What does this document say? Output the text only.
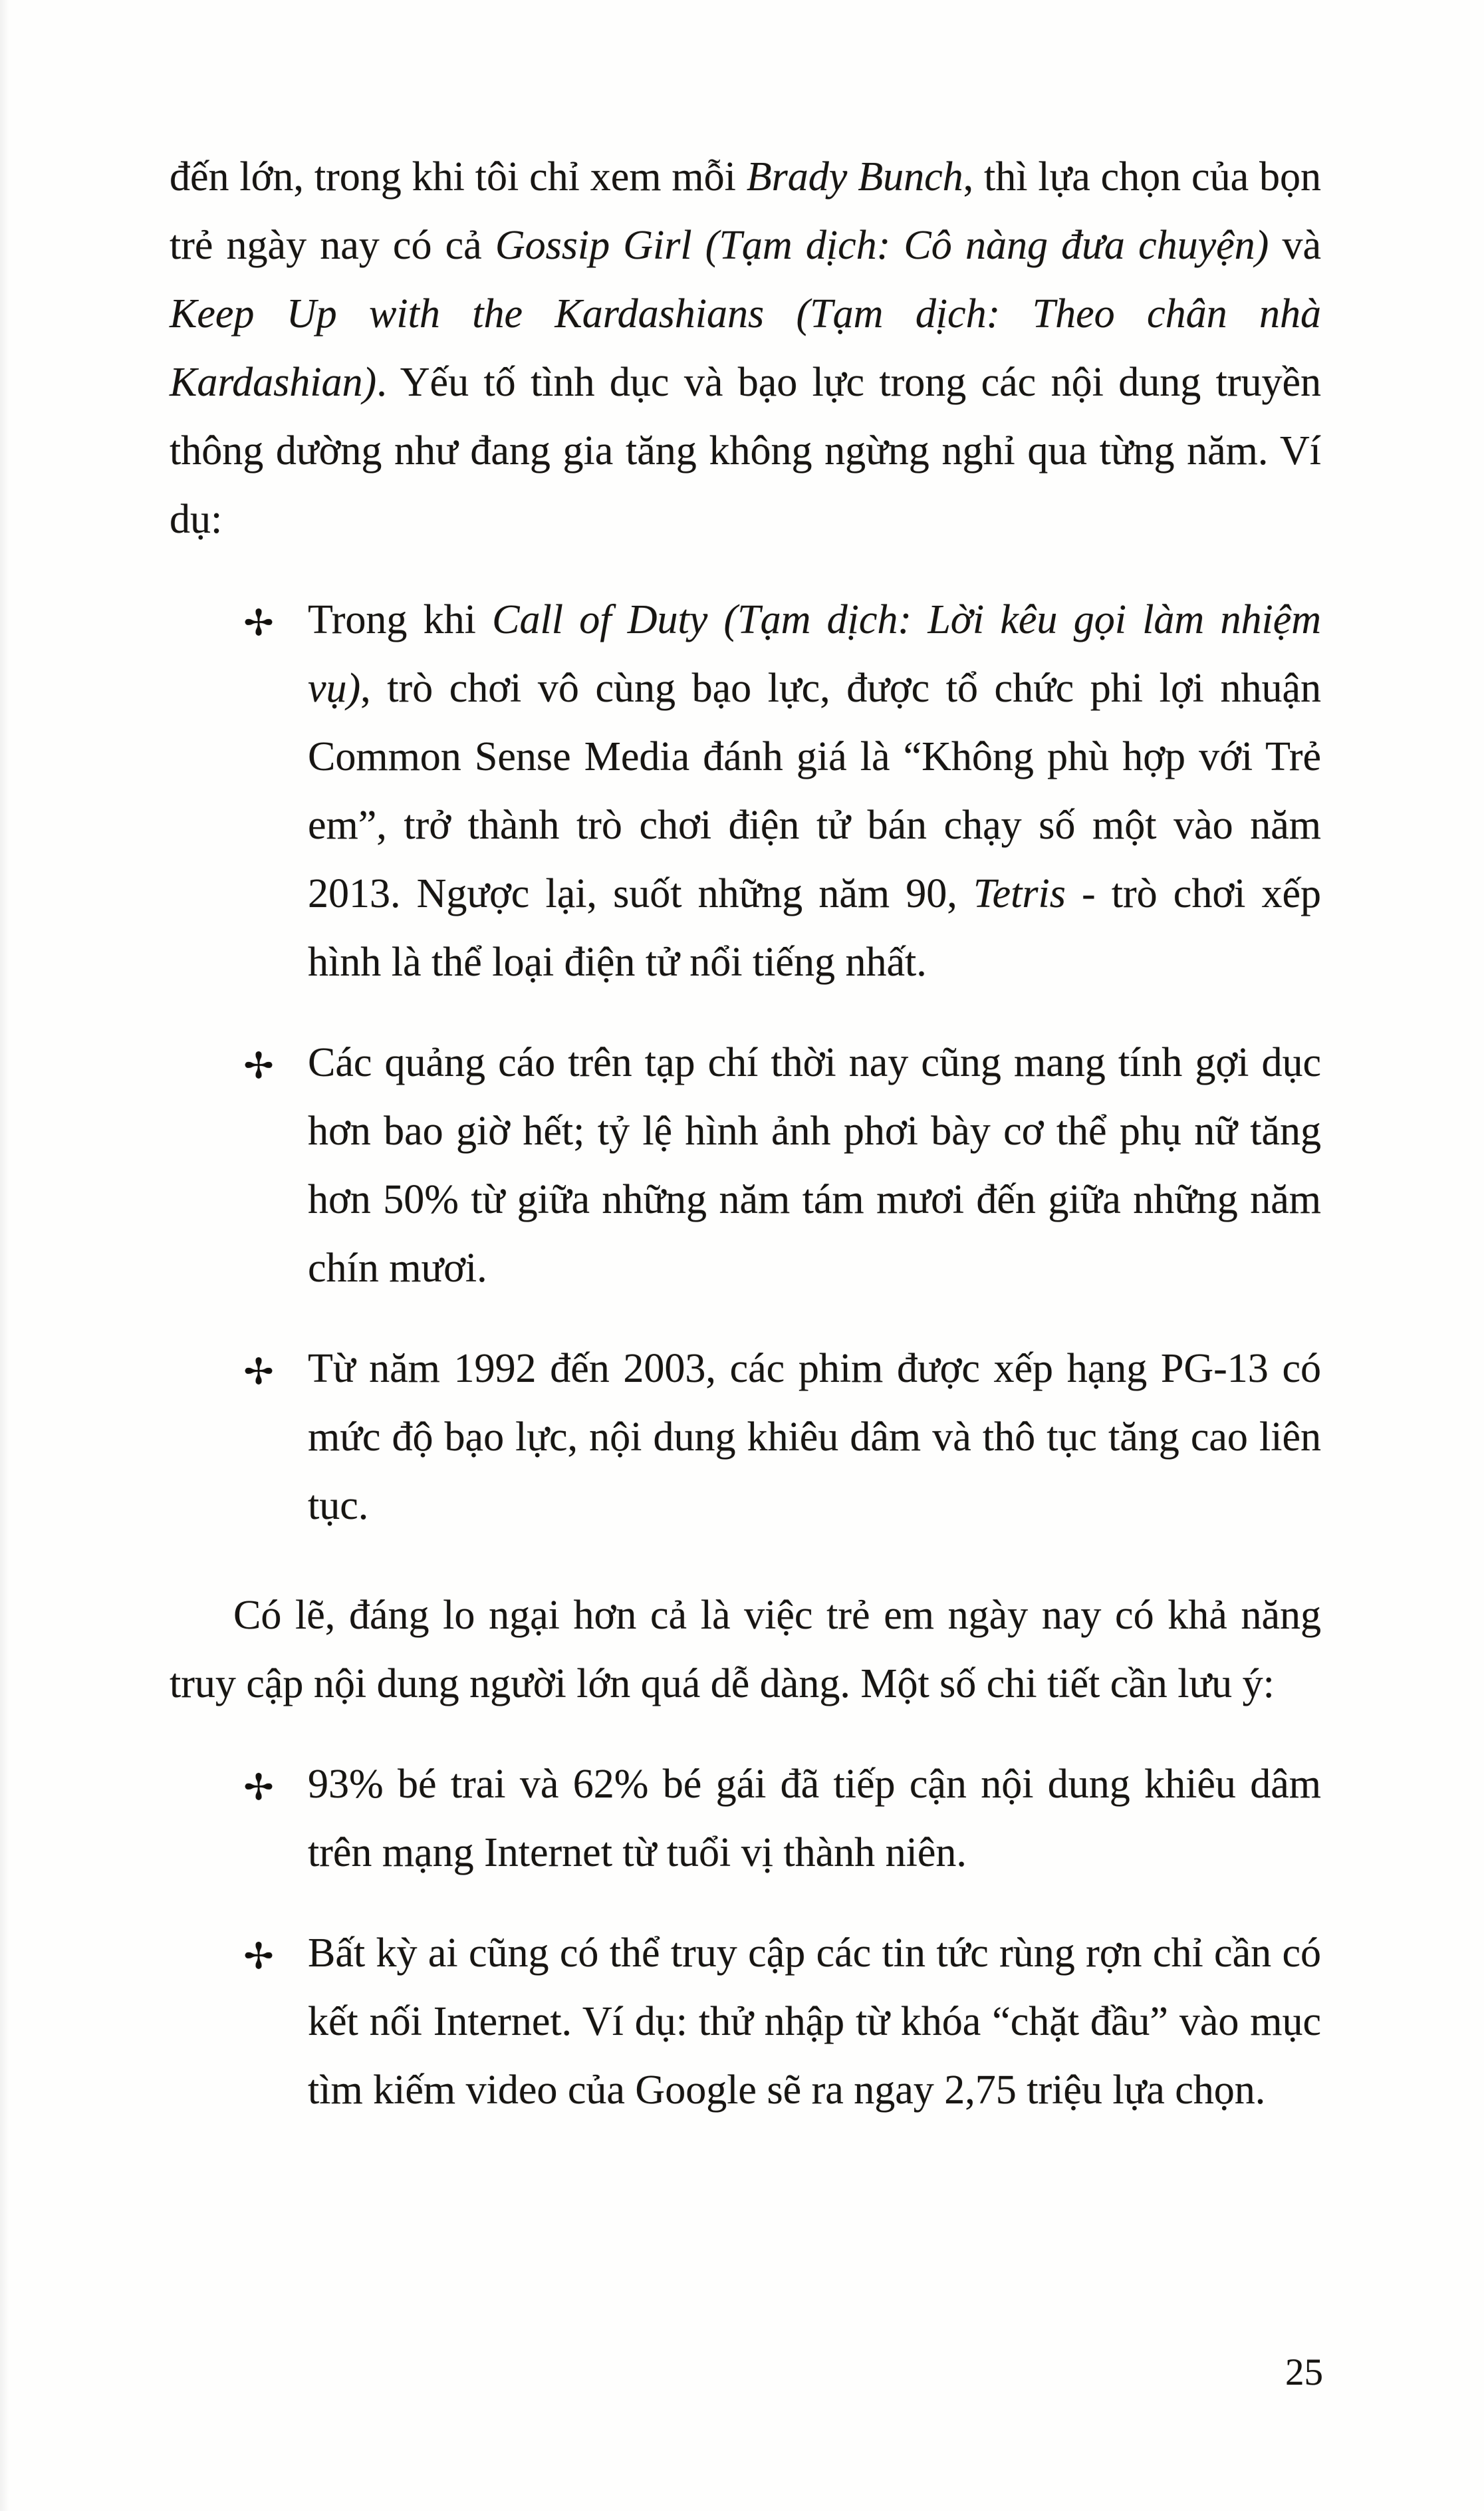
đến lớn, trong khi tôi chỉ xem mỗi Brady Bunch, thì lựa chọn của bọn trẻ ngày nay có cả Gossip Girl (Tạm dịch: Cô nàng đưa chuyện) và Keep Up with the Kardashians (Tạm dịch: Theo chân nhà Kardashian). Yếu tố tình dục và bạo lực trong các nội dung truyền thông dường như đang gia tăng không ngừng nghỉ qua từng năm. Ví dụ:

✢ Trong khi Call of Duty (Tạm dịch: Lời kêu gọi làm nhiệm vụ), trò chơi vô cùng bạo lực, được tổ chức phi lợi nhuận Common Sense Media đánh giá là “Không phù hợp với Trẻ em”, trở thành trò chơi điện tử bán chạy số một vào năm 2013. Ngược lại, suốt những năm 90, Tetris - trò chơi xếp hình là thể loại điện tử nổi tiếng nhất.
✢ Các quảng cáo trên tạp chí thời nay cũng mang tính gợi dục hơn bao giờ hết; tỷ lệ hình ảnh phơi bày cơ thể phụ nữ tăng hơn 50% từ giữa những năm tám mươi đến giữa những năm chín mươi.
✢ Từ năm 1992 đến 2003, các phim được xếp hạng PG-13 có mức độ bạo lực, nội dung khiêu dâm và thô tục tăng cao liên tục.

Có lẽ, đáng lo ngại hơn cả là việc trẻ em ngày nay có khả năng truy cập nội dung người lớn quá dễ dàng. Một số chi tiết cần lưu ý:

✢ 93% bé trai và 62% bé gái đã tiếp cận nội dung khiêu dâm trên mạng Internet từ tuổi vị thành niên.
✢ Bất kỳ ai cũng có thể truy cập các tin tức rùng rợn chỉ cần có kết nối Internet. Ví dụ: thử nhập từ khóa “chặt đầu” vào mục tìm kiếm video của Google sẽ ra ngay 2,75 triệu lựa chọn.
25
